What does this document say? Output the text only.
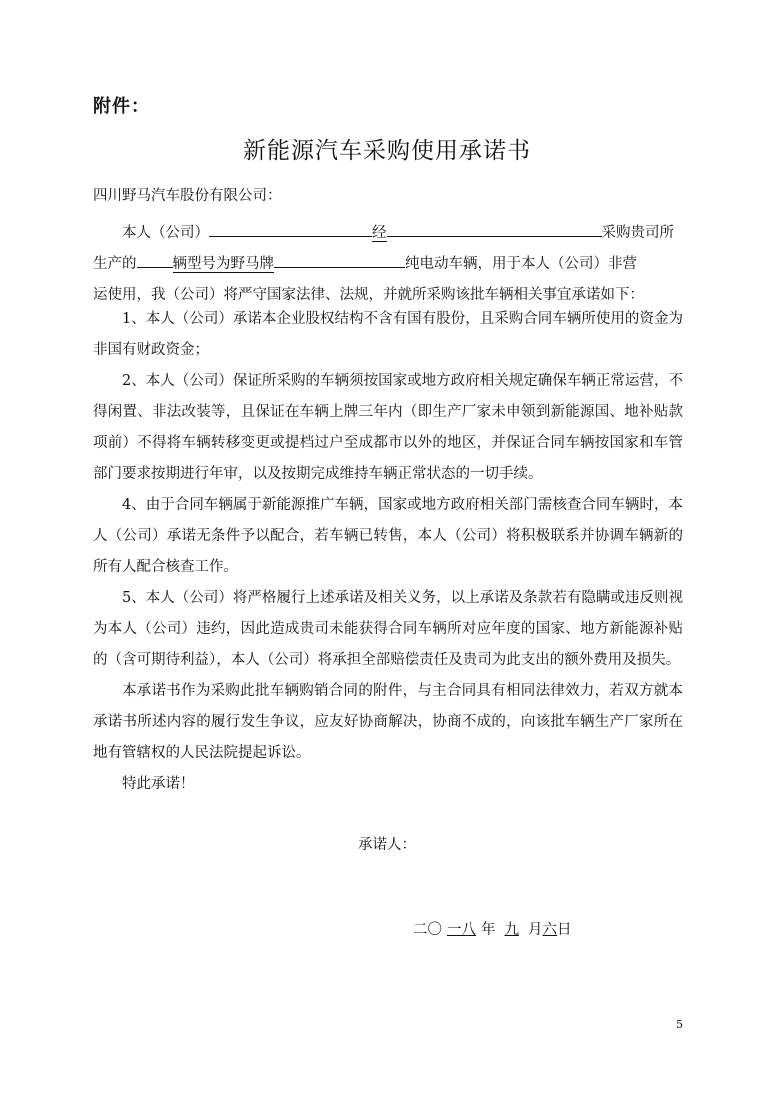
附件：
新能源汽车采购使用承诺书
四川野马汽车股份有限公司：
本人（公司）	经	采购贵司所
生产的 辆型号为野马牌	纯电动车辆，用于本人（公司）非营
运使用，我（公司）将严守国家法律、法规，并就所采购该批车辆相关事宜承诺如下：

1、本人（公司）承诺本企业股权结构不含有国有股份，且采购合同车辆所使用的资金为非国有财政资金；

2、本人（公司）保证所采购的车辆须按国家或地方政府相关规定确保车辆正常运营，不得闲置、非法改装等，且保证在车辆上牌三年内（即生产厂家未申领到新能源国、地补贴款项前）不得将车辆转移变更或提档过户至成都市以外的地区，并保证合同车辆按国家和车管部门要求按期进行年审，以及按期完成维持车辆正常状态的一切手续。

4、由于合同车辆属于新能源推广车辆，国家或地方政府相关部门需核查合同车辆时，本人（公司）承诺无条件予以配合，若车辆已转售，本人（公司）将积极联系并协调车辆新的所有人配合核查工作。

5、本人（公司）将严格履行上述承诺及相关义务，以上承诺及条款若有隐瞒或违反则视为本人（公司）违约，因此造成贵司未能获得合同车辆所对应年度的国家、地方新能源补贴的（含可期待利益），本人（公司）将承担全部赔偿责任及贵司为此支出的额外费用及损失。

本承诺书作为采购此批车辆购销合同的附件，与主合同具有相同法律效力，若双方就本承诺书所述内容的履行发生争议，应友好协商解决，协商不成的，向该批车辆生产厂家所在地有管辖权的人民法院提起诉讼。

特此承诺！

承诺人：
二〇 一八 年 九 月六日
5
